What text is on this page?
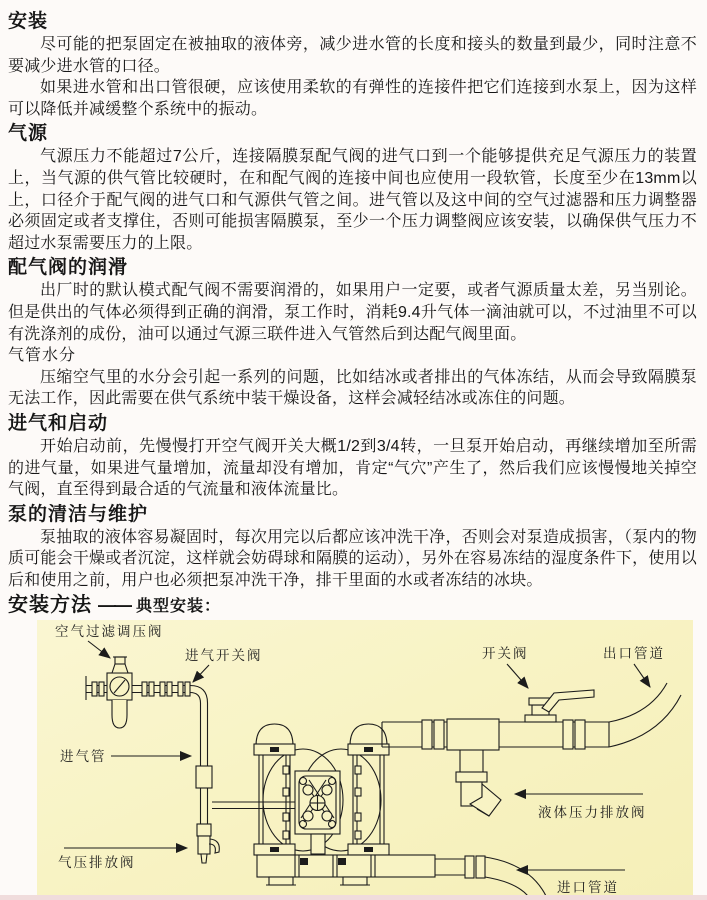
安装

尽可能的把泵固定在被抽取的液体旁，减少进水管的长度和接头的数量到最少，同时注意不要减少进水管的口径。

如果进水管和出口管很硬，应该使用柔软的有弹性的连接件把它们连接到水泵上，因为这样可以降低并减缓整个系统中的振动。

气源

气源压力不能超过7公斤，连接隔膜泵配气阀的进气口到一个能够提供充足气源压力的装置上，当气源的供气管比较硬时，在和配气阀的连接中间也应使用一段软管，长度至少在13mm以上，口径介于配气阀的进气口和气源供气管之间。进气管以及这中间的空气过滤器和压力调整器必须固定或者支撑住，否则可能损害隔膜泵，至少一个压力调整阀应该安装，以确保供气压力不超过水泵需要压力的上限。

配气阀的润滑

出厂时的默认模式配气阀不需要润滑的，如果用户一定要，或者气源质量太差，另当别论。但是供出的气体必须得到正确的润滑，泵工作时，消耗9.4升气体一滴油就可以，不过油里不可以有洗涤剂的成份，油可以通过气源三联件进入气管然后到达配气阀里面。

气管水分

压缩空气里的水分会引起一系列的问题，比如结冰或者排出的气体冻结，从而会导致隔膜泵无法工作，因此需要在供气系统中装干燥设备，这样会减轻结冰或冻住的问题。

进气和启动

开始启动前，先慢慢打开空气阀开关大概1/2到3/4转，一旦泵开始启动，再继续增加至所需的进气量，如果进气量增加，流量却没有增加，肯定“气穴”产生了，然后我们应该慢慢地关掉空气阀，直至得到最合适的气流量和液体流量比。

泵的清洁与维护

泵抽取的液体容易凝固时，每次用完以后都应该冲洗干净，否则会对泵造成损害，（泵内的物质可能会干燥或者沉淀，这样就会妨碍球和隔膜的运动），另外在容易冻结的湿度条件下，使用以后和使用之前，用户也必须把泵冲洗干净，排干里面的水或者冻结的冰块。

安装方法 —— 典型安装：
空气过滤调压阀
进气开关阀	开关阀	出口管道
进气管
气压排放阀
液体压力排放阀
进口管道
